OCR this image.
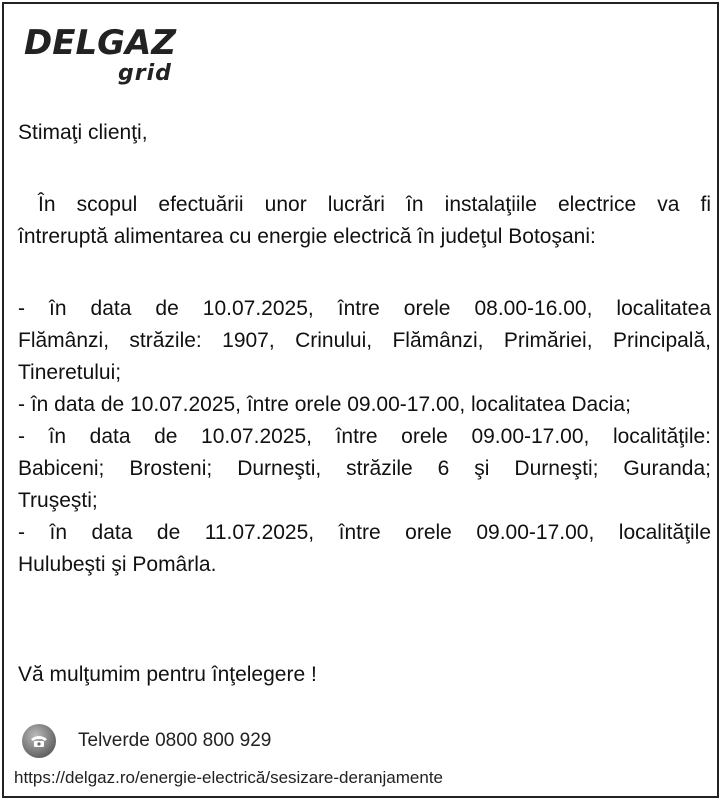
DELGAZ
grid
Stimaţi clienţi,
În scopul efectuării unor lucrări în instalaţiile electrice va fi
întreruptă alimentarea cu energie electrică în judeţul Botoşani:
- în data de 10.07.2025, între orele 08.00-16.00, localitatea
Flămânzi, străzile: 1907, Crinului, Flămânzi, Primăriei, Principală,
Tineretului;
- în data de 10.07.2025, între orele 09.00-17.00, localitatea Dacia;
- în data de 10.07.2025, între orele 09.00-17.00, localităţile:
Babiceni; Brosteni; Durneşti, străzile 6 şi Durneşti; Guranda;
Truşeşti;
- în data de 11.07.2025, între orele 09.00-17.00, localităţile
Hulubeşti şi Pomârla.
Vă mulţumim pentru înţelegere !
Telverde 0800 800 929
https://delgaz.ro/energie-electrică/sesizare-deranjamente
